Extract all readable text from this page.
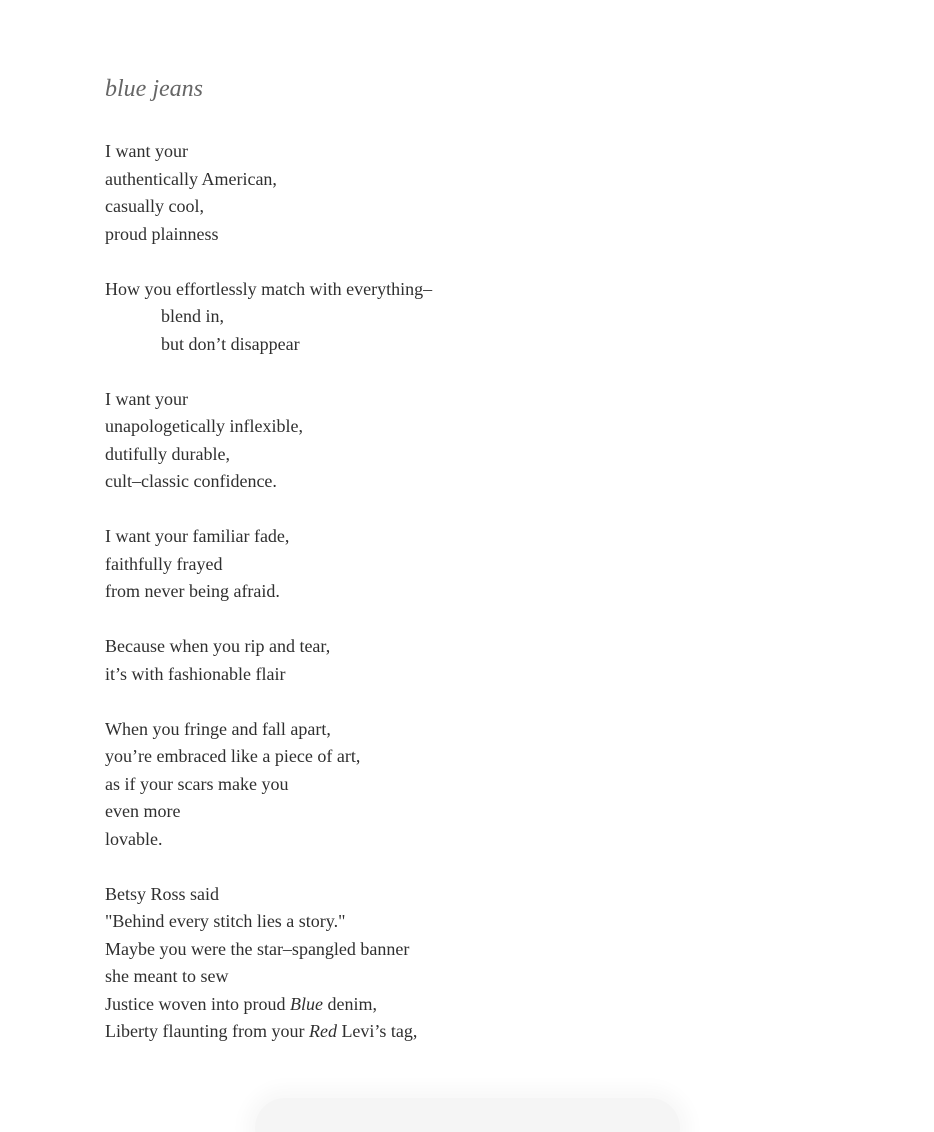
blue jeans
I want your
authentically American,
casually cool,
proud plainness
How you effortlessly match with everything–
blend in,
but don’t disappear
I want your
unapologetically inflexible,
dutifully durable,
cult–classic confidence.
I want your familiar fade,
faithfully frayed
from never being afraid.
Because when you rip and tear,
it’s with fashionable flair
When you fringe and fall apart,
you’re embraced like a piece of art,
as if your scars make you
even more
lovable.
Betsy Ross said
"Behind every stitch lies a story."
Maybe you were the star–spangled banner
she meant to sew
Justice woven into proud Blue denim,
Liberty flaunting from your Red Levi’s tag,
